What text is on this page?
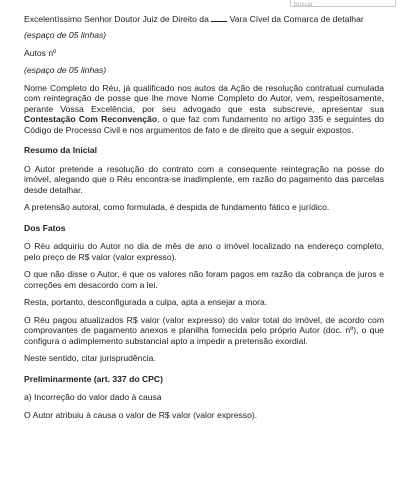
Buscar

Excelentíssimo Senhor Doutor Juiz de Direito da Vara Cível da Comarca de detalhar

(espaço de 05 linhas)

Autos nº

(espaço de 05 linhas)

Nome Completo do Réu, já qualificado nos autos da Ação de resolução contratual cumulada com reintegração de posse que lhe move Nome Completo do Autor, vem, respeitosamente, perante Vossa Excelência, por seu advogado que esta subscreve, apresentar sua Contestação Com Reconvenção, o que faz com fundamento no artigo 335 e seguintes do Código de Processo Civil e nos argumentos de fato e de direito que a seguir expostos.

Resumo da Inicial

O Autor pretende a resolução do contrato com a consequente reintegração na posse do imóvel, alegando que o Réu encontra-se inadimplente, em razão do pagamento das parcelas desde detalhar.

A pretensão autoral, como formulada, é despida de fundamento fático e jurídico.

Dos Fatos

O Réu adquiriu do Autor no dia de mês de ano o imóvel localizado na endereço completo, pelo preço de R$ valor (valor expresso).

O que não disse o Autor, é que os valores não foram pagos em razão da cobrança de juros e correções em desacordo com a lei.

Resta, portanto, desconfigurada a culpa, apta a ensejar a mora.

O Réu pagou atualizados R$ valor (valor expresso) do valor total do imóvel, de acordo com comprovantes de pagamento anexos e planilha fornecida pelo próprio Autor (doc. nº), o que configura o adimplemento substancial apto a impedir a pretensão exordial.

Neste sentido, citar jurisprudência.

Preliminarmente (art. 337 do CPC)

a) Incorreção do valor dado à causa

O Autor atribuiu à causa o valor de R$ valor (valor expresso).
